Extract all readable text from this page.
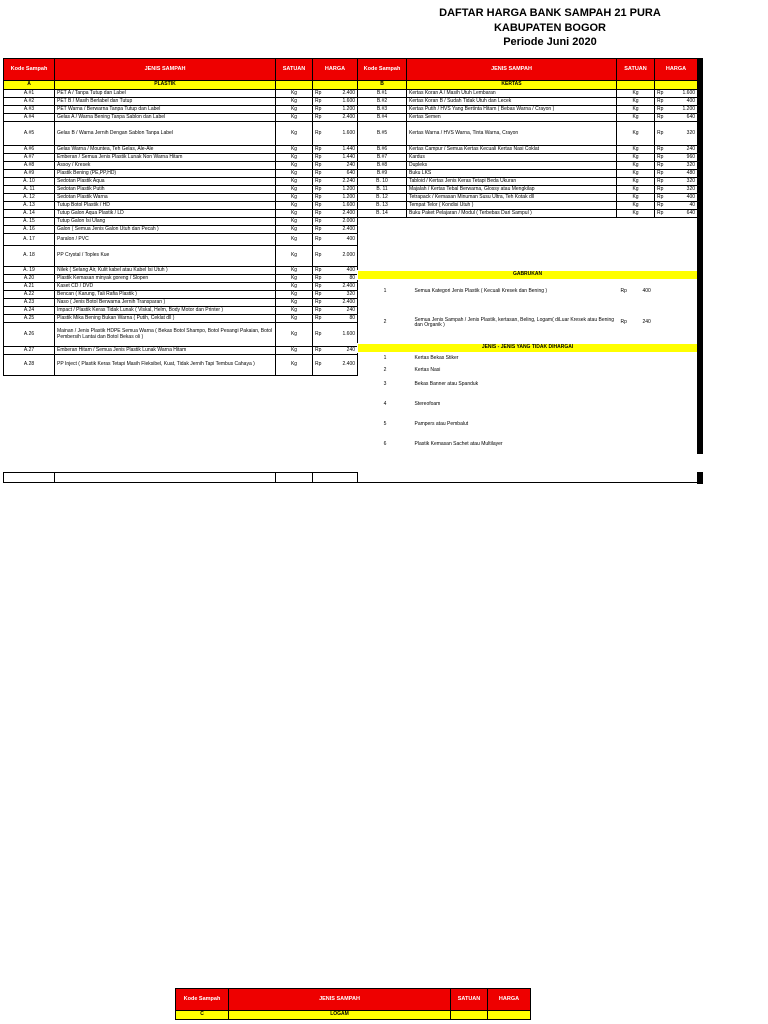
DAFTAR HARGA BANK SAMPAH 21 PURA
KABUPATEN BOGOR
Periode Juni 2020
Kode Sampah	JENIS SAMPAH	SATUAN	HARGA	
A	PLASTIK			
A.#1	PET A / Tanpa Tutup dan Label	Kg	Rp	2.400
A.#2	PET B / Masih Berlabel dan Tutup	Kg	Rp	1.600
A.#3	PET Warna / Berwarna Tanpa Tutup dan Label	Kg	Rp	1.200
A.#4	Gelas A / Warna Bening Tanpa Sablon dan Label	Kg	Rp	2.400
A.#5	Gelas B / Warna Jernih Dengan Sablon Tanpa Label	Kg	Rp	1.600
A.#6	Gelas Warna / Mountea, Teh Gelas, Ale-Ale	Kg	Rp	1.440
A.#7	Emberan / Semua Jenis Plastik Lunak Non Warna Hitam	Kg	Rp	1.440
A.#8	Assoy / Kresek	Kg	Rp	240
A.#9	Plastik Bening (PE,PP,HD)	Kg	Rp	640
A. 10	Sedotan Plastik Aqua	Kg	Rp	2.240
A. 11	Sedotan Plastik Putih	Kg	Rp	1.200
A. 12	Sedotan Plastik Warna	Kg	Rp	1.200
A. 13	Tutup Botol Plastik / HD	Kg	Rp	1.600
A. 14	Tutup Galon Aqua Plastik / LD	Kg	Rp	2.400
A. 15	Tutup Galon Isi Ulang	Kg	Rp	2.000
A. 16	Galon ( Semua Jenis Galon Utuh dan Pecah )	Kg	Rp	2.400
A. 17	Paralon / PVC	Kg	Rp	400
A. 18	PP Crystal / Toples Kue	Kg	Rp	2.000
A. 19	Nilek ( Selang Air, Kulit kabel atau Kabel Isi Utuh )	Kg	Rp	400
A.20	Plastik Kemasan minyak goreng / Slopen	Kg	Rp	80
A.21	Kaset CD / DVD	Kg	Rp	2.400
A.22	Bencan ( Karung, Tali Rafia Plastik )	Kg	Rp	320
A.23	Naso ( Jenis Botol Berwarna Jernih Transparan )	Kg	Rp	2.400
A.24	Impact / Plastik Keras Tidak Lunak ( Viskal, Helm, Body Motor dan Printer )	Kg	Rp	240
A.25	Plastik Mika Bening Bukan Warna ( Putih, Ceklat dll )	Kg	Rp	80
A.26	Mainan / Jenis Plastik HDPE Semua Warna ( Bekas Botol Shampo, Botol Pesangi Pakaian, Botol Pembersih Lantai dan Botol Bekas oli )	Kg	Rp	1.600
A.27	Emberan Hitam / Semua Jenis Plastik Lunak Warna Hitam	Kg	Rp	240
A.28	PP Inject ( Plastik Keras Tetapi Masih Fleksibel, Kuat, Tidak Jernih Tapi Tembus Cahaya )	Kg	Rp	2.400
Kode Sampah	JENIS SAMPAH	SATUAN	HARGA	
B	KERTAS			
B.#1	Kertas Koran A / Masih Utuh Lembaran	Kg	Rp	1.600
B.#2	Kertas Koran B / Sudah Tidak Utuh dan Lecek	Kg	Rp	400
B.#3	Kertas Putih / HVS Yang Bertinta Hitam ( Bebas Warna / Crayon )	Kg	Rp	1.200
B.#4	Kertas Semen	Kg	Rp	640
B.#5	Kertas Warna / HVS Warna, Tinta Warna, Crayon	Kg	Rp	320
B.#6	Kertas Campur / Semua Kertas Kecuali Kertas Nasi Coklat	Kg	Rp	240
B.#7	Kardus	Kg	Rp	960
B.#8	Dupleks	Kg	Rp	320
B.#9	Buku LKS	Kg	Rp	480
B. 10	Tabloid / Kertas Jenis Keras Tetapi Beda Ukuran	Kg	Rp	320
B. 11	Majalah / Kertas Tebal Berwarna, Glossy atau Mengkilap	Kg	Rp	320
B. 12	Tetrapack / Kemasan Minuman Susu Ultra, Teh Kotak dll	Kg	Rp	400
B. 13	Tempat Telor ( Kondisi Utuh )	Kg	Rp	40
B. 14	Buku Paket Pelajaran / Modul ( Terbebas Dari Sampul )	Kg	Rp	640
GABRUKAN			
1	Semua Kategori Jenis Plastik ( Kecuali Kresek dan Bening )	Rp	400
2	Semua Jenis Sampah / Jenis Plastik, kertasan, Beling, Logam( diLuar Kresek atau Bening dan Organik )	Rp	240
JENIS - JENIS YANG TIDAK DIHARGAI			
1	Kertas Bekas Stiker		
2	Kertas Nasi		
3	Bekas Banner atau Spanduk		
4	Stereofoam		
5	Pampers atau Pembalut		
6	Plastik Kemasan Sachet atau Multilayer		

Kode Sampah	JENIS SAMPAH	SATUAN	HARGA
C	LOGAM		
